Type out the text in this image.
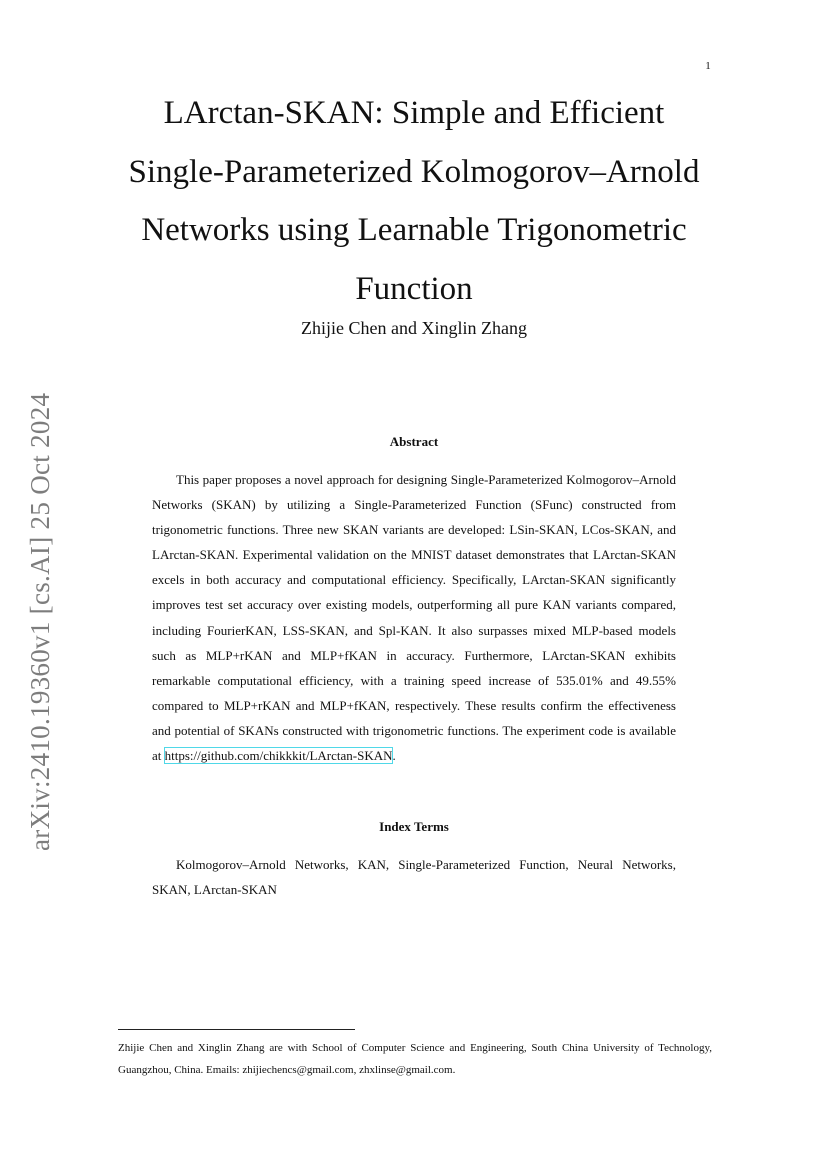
1
arXiv:2410.19360v1 [cs.AI] 25 Oct 2024
LArctan-SKAN: Simple and Efficient
Single-Parameterized Kolmogorov–Arnold
Networks using Learnable Trigonometric
Function
Zhijie Chen and Xinglin Zhang
Abstract

This paper proposes a novel approach for designing Single-Parameterized Kolmogorov–Arnold Networks (SKAN) by utilizing a Single-Parameterized Function (SFunc) constructed from trigonometric functions. Three new SKAN variants are developed: LSin-SKAN, LCos-SKAN, and LArctan-SKAN. Experimental validation on the MNIST dataset demonstrates that LArctan-SKAN excels in both accuracy and computational efficiency. Specifically, LArctan-SKAN significantly improves test set accuracy over existing models, outperforming all pure KAN variants compared, including FourierKAN, LSS-SKAN, and Spl-KAN. It also surpasses mixed MLP-based models such as MLP+rKAN and MLP+fKAN in accuracy. Furthermore, LArctan-SKAN exhibits remarkable computational efficiency, with a training speed increase of 535.01% and 49.55% compared to MLP+rKAN and MLP+fKAN, respectively. These results confirm the effectiveness and potential of SKANs constructed with trigonometric functions. The experiment code is available at https://github.com/chikkkit/LArctan-SKAN.

Index Terms

Kolmogorov–Arnold Networks, KAN, Single-Parameterized Function, Neural Networks, SKAN, LArctan-SKAN

Zhijie Chen and Xinglin Zhang are with School of Computer Science and Engineering, South China University of Technology, Guangzhou, China. Emails: zhijiechencs@gmail.com, zhxlinse@gmail.com.
